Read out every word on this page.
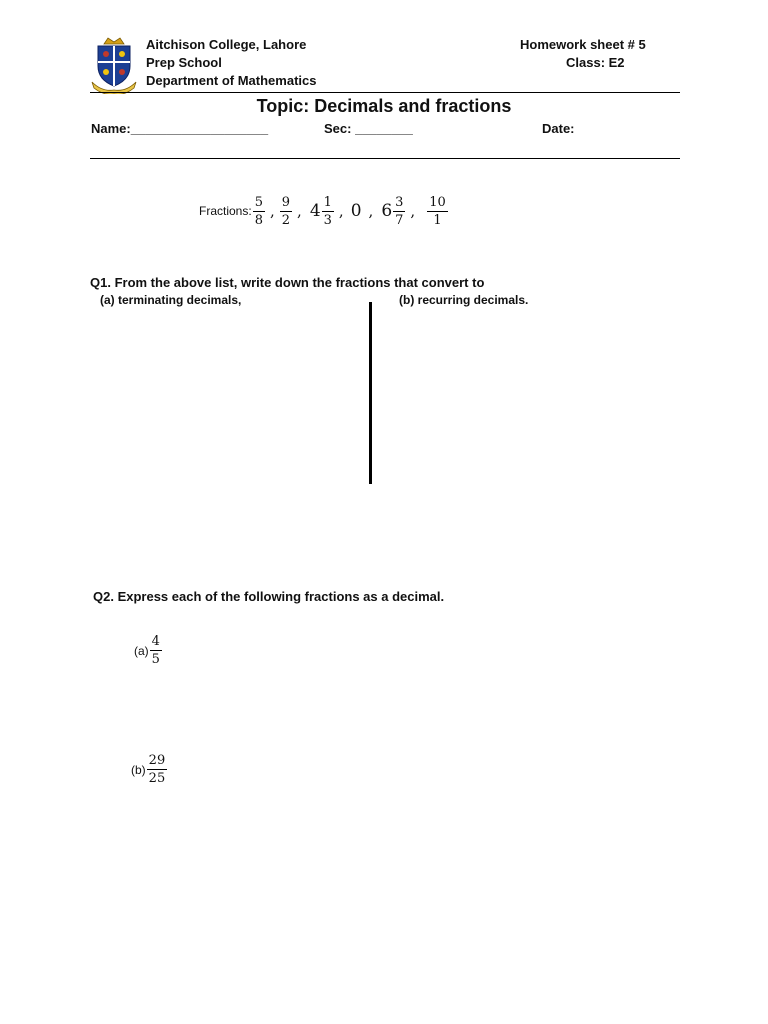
Aitchison College, Lahore
Prep School
Department of Mathematics
Homework sheet # 5
Class: E2
Topic: Decimals and fractions
Name:___________________	Sec: ________	Date:
Fractions: $\frac{5}{8}$ , $\frac{9}{2}$ , $4 \frac{1}{3}$ , 0 , $6 \frac{3}{7}$ , $\frac{10}{1}$
Q1. From the above list, write down the fractions that convert to
(a) terminating decimals,	(b) recurring decimals.
Q2. Express each of the following fractions as a decimal.
$(a) \frac{4}{5}$
$(b) \frac{29}{25}$
